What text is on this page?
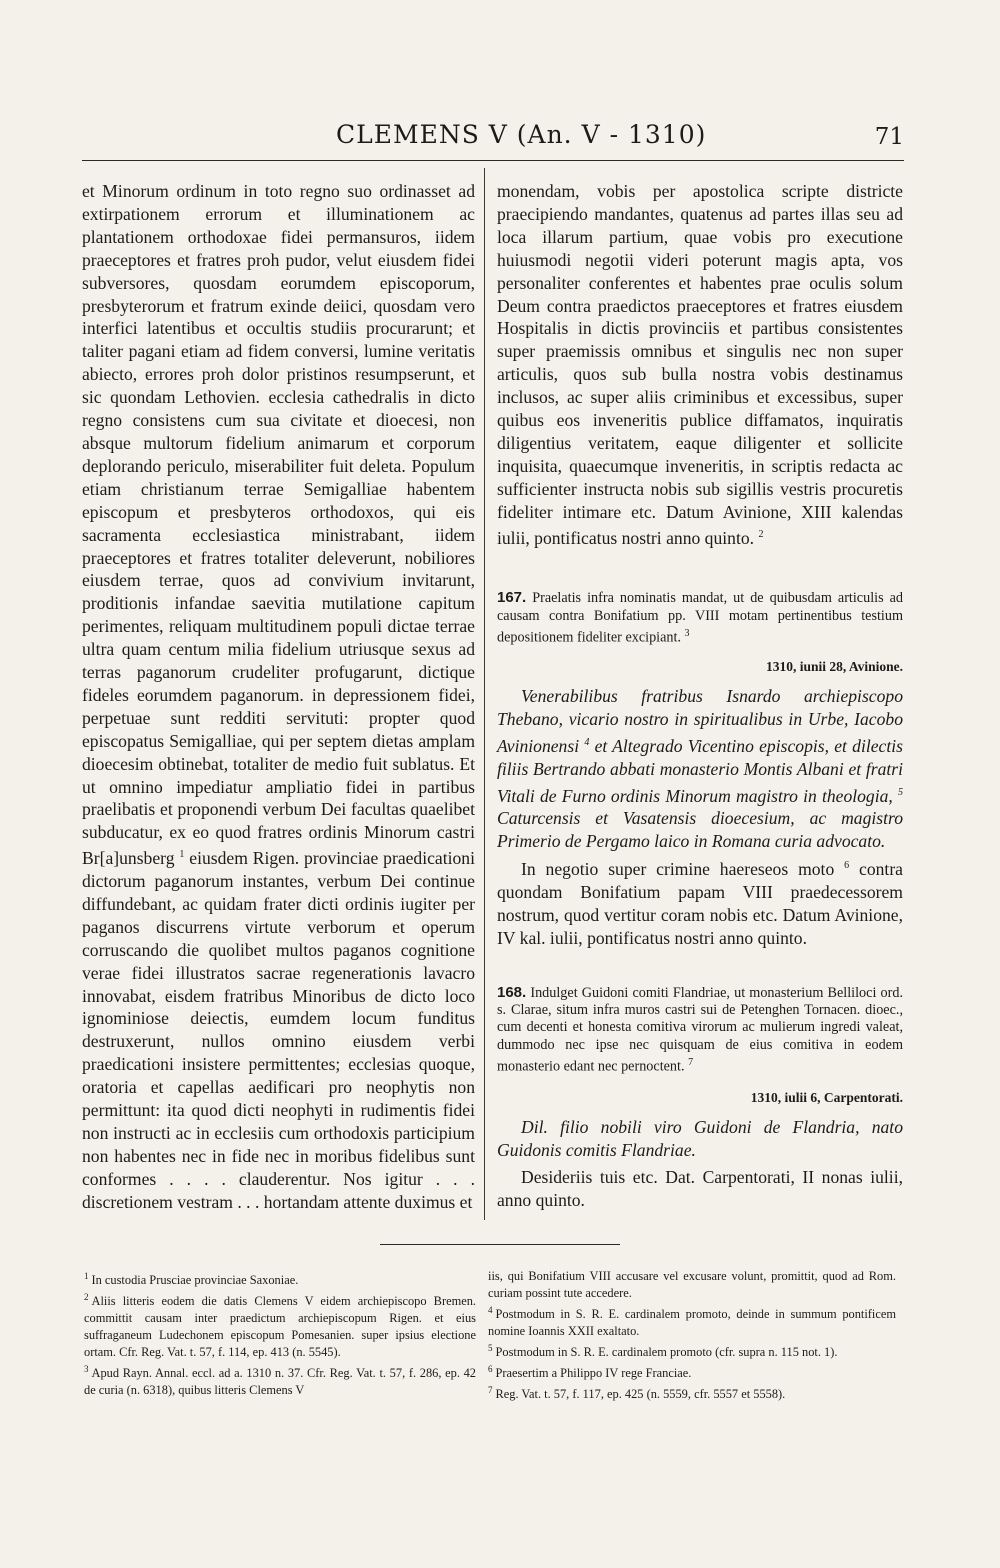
CLEMENS V (An. V - 1310)	71

et Minorum ordinum in toto regno suo ordinasset ad extirpationem errorum et illuminationem ac plantationem orthodoxae fidei permansuros, iidem praeceptores et fratres proh pudor, velut eiusdem fidei subversores, quosdam eorumdem episcoporum, presbyterorum et fratrum exinde deiici, quosdam vero interfici latentibus et occultis studiis procurarunt; et taliter pagani etiam ad fidem conversi, lumine veritatis abiecto, errores proh dolor pristinos resumpserunt, et sic quondam Lethovien. ecclesia cathedralis in dicto regno consistens cum sua civitate et dioecesi, non absque multorum fidelium animarum et corporum deplorando periculo, miserabiliter fuit deleta. Populum etiam christianum terrae Semigalliae habentem episcopum et presbyteros orthodoxos, qui eis sacramenta ecclesiastica ministrabant, iidem praeceptores et fratres totaliter deleverunt, nobiliores eiusdem terrae, quos ad convivium invitarunt, proditionis infandae saevitia mutilatione capitum perimentes, reliquam multitudinem populi dictae terrae ultra quam centum milia fidelium utriusque sexus ad terras paganorum crudeliter profugarunt, dictique fideles eorumdem paganorum. in depressionem fidei, perpetuae sunt redditi servituti: propter quod episcopatus Semigalliae, qui per septem dietas amplam dioecesim obtinebat, totaliter de medio fuit sublatus. Et ut omnino impediatur ampliatio fidei in partibus praelibatis et proponendi verbum Dei facultas quaelibet subducatur, ex eo quod fratres ordinis Minorum castri Br[a]unsberg $^1$ eiusdem Rigen. provinciae praedicationi dictorum paganorum instantes, verbum Dei continue diffundebant, ac quidam frater dicti ordinis iugiter per paganos discurrens virtute verborum et operum corruscando die quolibet multos paganos cognitione verae fidei illustratos sacrae regenerationis lavacro innovabat, eisdem fratribus Minoribus de dicto loco ignominiose deiectis, eumdem locum funditus destruxerunt, nullos omnino eiusdem verbi praedicationi insistere permittentes; ecclesias quoque, oratoria et capellas aedificari pro neophytis non permittunt: ita quod dicti neophyti in rudimentis fidei non instructi ac in ecclesiis cum orthodoxis participium non habentes nec in fide nec in moribus fidelibus sunt conformes . . . . clauderentur. Nos igitur . . . discretionem vestram . . . hortandam attente duximus et

monendam, vobis per apostolica scripte districte praecipiendo mandantes, quatenus ad partes illas seu ad loca illarum partium, quae vobis pro executione huiusmodi negotii videri poterunt magis apta, vos personaliter conferentes et habentes prae oculis solum Deum contra praedictos praeceptores et fratres eiusdem Hospitalis in dictis provinciis et partibus consistentes super praemissis omnibus et singulis nec non super articulis, quos sub bulla nostra vobis destinamus inclusos, ac super aliis criminibus et excessibus, super quibus eos inveneritis publice diffamatos, inquiratis diligentius veritatem, eaque diligenter et sollicite inquisita, quaecumque inveneritis, in scriptis redacta ac sufficienter instructa nobis sub sigillis vestris procuretis fideliter intimare etc. Datum Avinione, XIII kalendas iulii, pontificatus nostri anno quinto. $^2$

167. Praelatis infra nominatis mandat, ut de quibusdam articulis ad causam contra Bonifatium pp. VIII motam pertinentibus testium depositionem fideliter excipiant. $^3$

1310, iunii 28, Avinione.

Venerabilibus fratribus Isnardo archiepiscopo Thebano, vicario nostro in spiritualibus in Urbe, Iacobo Avinionensi $^4$ et Altegrado Vicentino episcopis, et dilectis filiis Bertrando abbati monasterio Montis Albani et fratri Vitali de Furno ordinis Minorum magistro in theologia, $^5$ Caturcensis et Vasatensis dioecesium, ac magistro Primerio de Pergamo laico in Romana curia advocato.

In negotio super crimine haereseos moto $^6$ contra quondam Bonifatium papam VIII praedecessorem nostrum, quod vertitur coram nobis etc. Datum Avinione, IV kal. iulii, pontificatus nostri anno quinto.

168. Indulget Guidoni comiti Flandriae, ut monasterium Belliloci ord. s. Clarae, situm infra muros castri sui de Petenghen Tornacen. dioec., cum decenti et honesta comitiva virorum ac mulierum ingredi valeat, dummodo nec ipse nec quisquam de eius comitiva in eodem monasterio edant nec pernoctent. $^7$

1310, iulii 6, Carpentorati.

Dil. filio nobili viro Guidoni de Flandria, nato Guidonis comitis Flandriae.

Desideriis tuis etc. Dat. Carpentorati, II nonas iulii, anno quinto.

$^1$ In custodia Prusciae provinciae Saxoniae.

$^2$ Aliis litteris eodem die datis Clemens V eidem archiepiscopo Bremen. committit causam inter praedictum archiepiscopum Rigen. et eius suffraganeum Ludechonem episcopum Pomesanien. super ipsius electione ortam. Cfr. Reg. Vat. t. 57, f. 114, ep. 413 (n. 5545).

$^3$ Apud Rayn. Annal. eccl. ad a. 1310 n. 37. Cfr. Reg. Vat. t. 57, f. 286, ep. 42 de curia (n. 6318), quibus litteris Clemens V

iis, qui Bonifatium VIII accusare vel excusare volunt, promittit, quod ad Rom. curiam possint tute accedere.

$^4$ Postmodum in S. R. E. cardinalem promoto, deinde in summum pontificem nomine Ioannis XXII exaltato.

$^5$ Postmodum in S. R. E. cardinalem promoto (cfr. supra n. 115 not. 1).

$^6$ Praesertim a Philippo IV rege Franciae.

$^7$ Reg. Vat. t. 57, f. 117, ep. 425 (n. 5559, cfr. 5557 et 5558).
